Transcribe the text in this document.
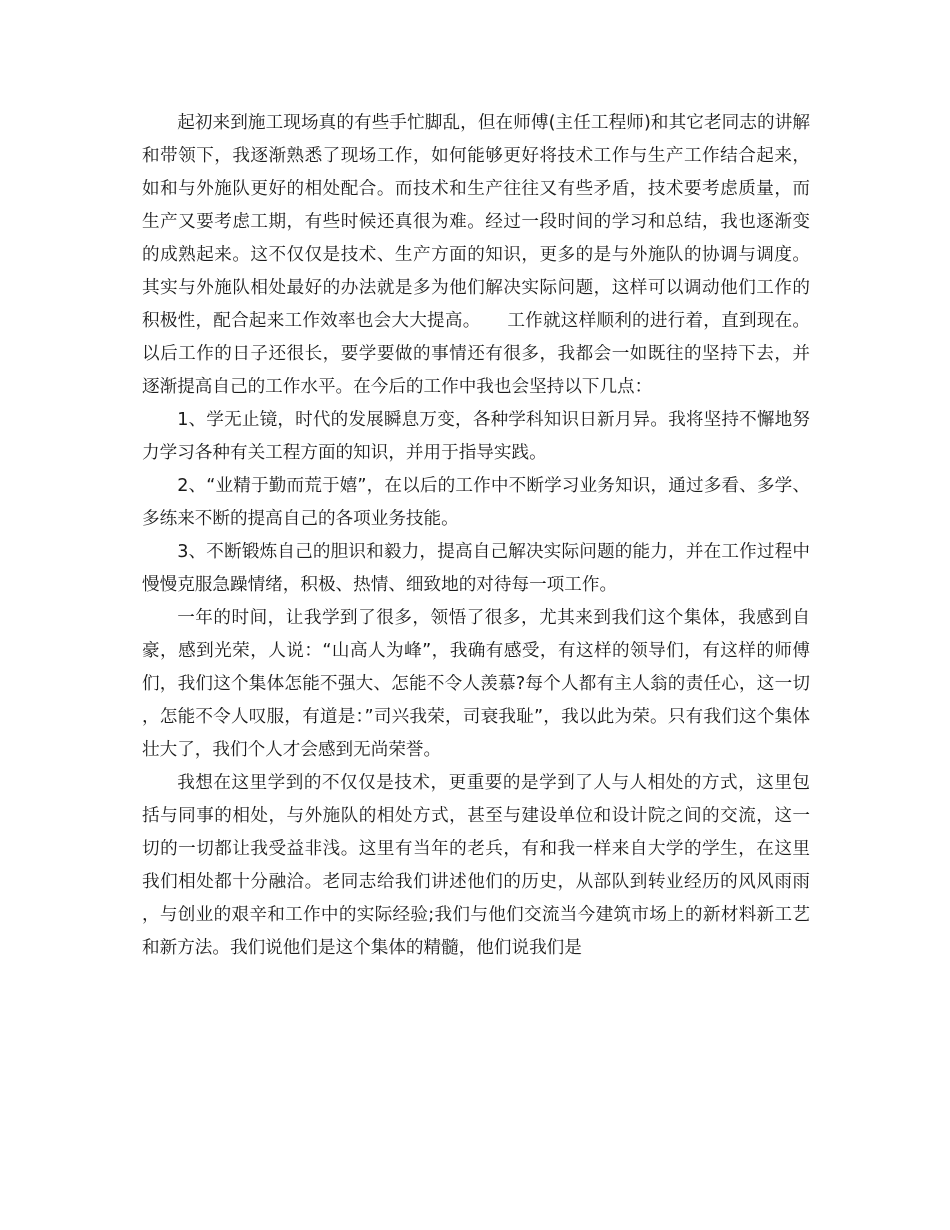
起初来到施工现场真的有些手忙脚乱，但在师傅(主任工程师)和其它老同志的讲解和带领下，我逐渐熟悉了现场工作，如何能够更好将技术工作与生产工作结合起来，如和与外施队更好的相处配合。而技术和生产往往又有些矛盾，技术要考虑质量，而生产又要考虑工期，有些时候还真很为难。经过一段时间的学习和总结，我也逐渐变的成熟起来。这不仅仅是技术、生产方面的知识，更多的是与外施队的协调与调度。其实与外施队相处最好的办法就是多为他们解决实际问题，这样可以调动他们工作的积极性，配合起来工作效率也会大大提高。　　工作就这样顺利的进行着，直到现在。以后工作的日子还很长，要学要做的事情还有很多，我都会一如既往的坚持下去，并逐渐提高自己的工作水平。在今后的工作中我也会坚持以下几点：

1、学无止镜，时代的发展瞬息万变，各种学科知识日新月异。我将坚持不懈地努力学习各种有关工程方面的知识，并用于指导实践。

2、“业精于勤而荒于嬉”，在以后的工作中不断学习业务知识，通过多看、多学、多练来不断的提高自己的各项业务技能。

3、不断锻炼自己的胆识和毅力，提高自己解决实际问题的能力，并在工作过程中慢慢克服急躁情绪，积极、热情、细致地的对待每一项工作。

一年的时间，让我学到了很多，领悟了很多，尤其来到我们这个集体，我感到自豪，感到光荣，人说：“山高人为峰”，我确有感受，有这样的领导们，有这样的师傅们，我们这个集体怎能不强大、怎能不令人羡慕?每个人都有主人翁的责任心，这一切，怎能不令人叹服，有道是：”司兴我荣，司衰我耻”，我以此为荣。只有我们这个集体壮大了，我们个人才会感到无尚荣誉。

我想在这里学到的不仅仅是技术，更重要的是学到了人与人相处的方式，这里包括与同事的相处，与外施队的相处方式，甚至与建设单位和设计院之间的交流，这一切的一切都让我受益非浅。这里有当年的老兵，有和我一样来自大学的学生，在这里我们相处都十分融洽。老同志给我们讲述他们的历史，从部队到转业经历的风风雨雨，与创业的艰辛和工作中的实际经验;我们与他们交流当今建筑市场上的新材料新工艺和新方法。我们说他们是这个集体的精髓，他们说我们是
